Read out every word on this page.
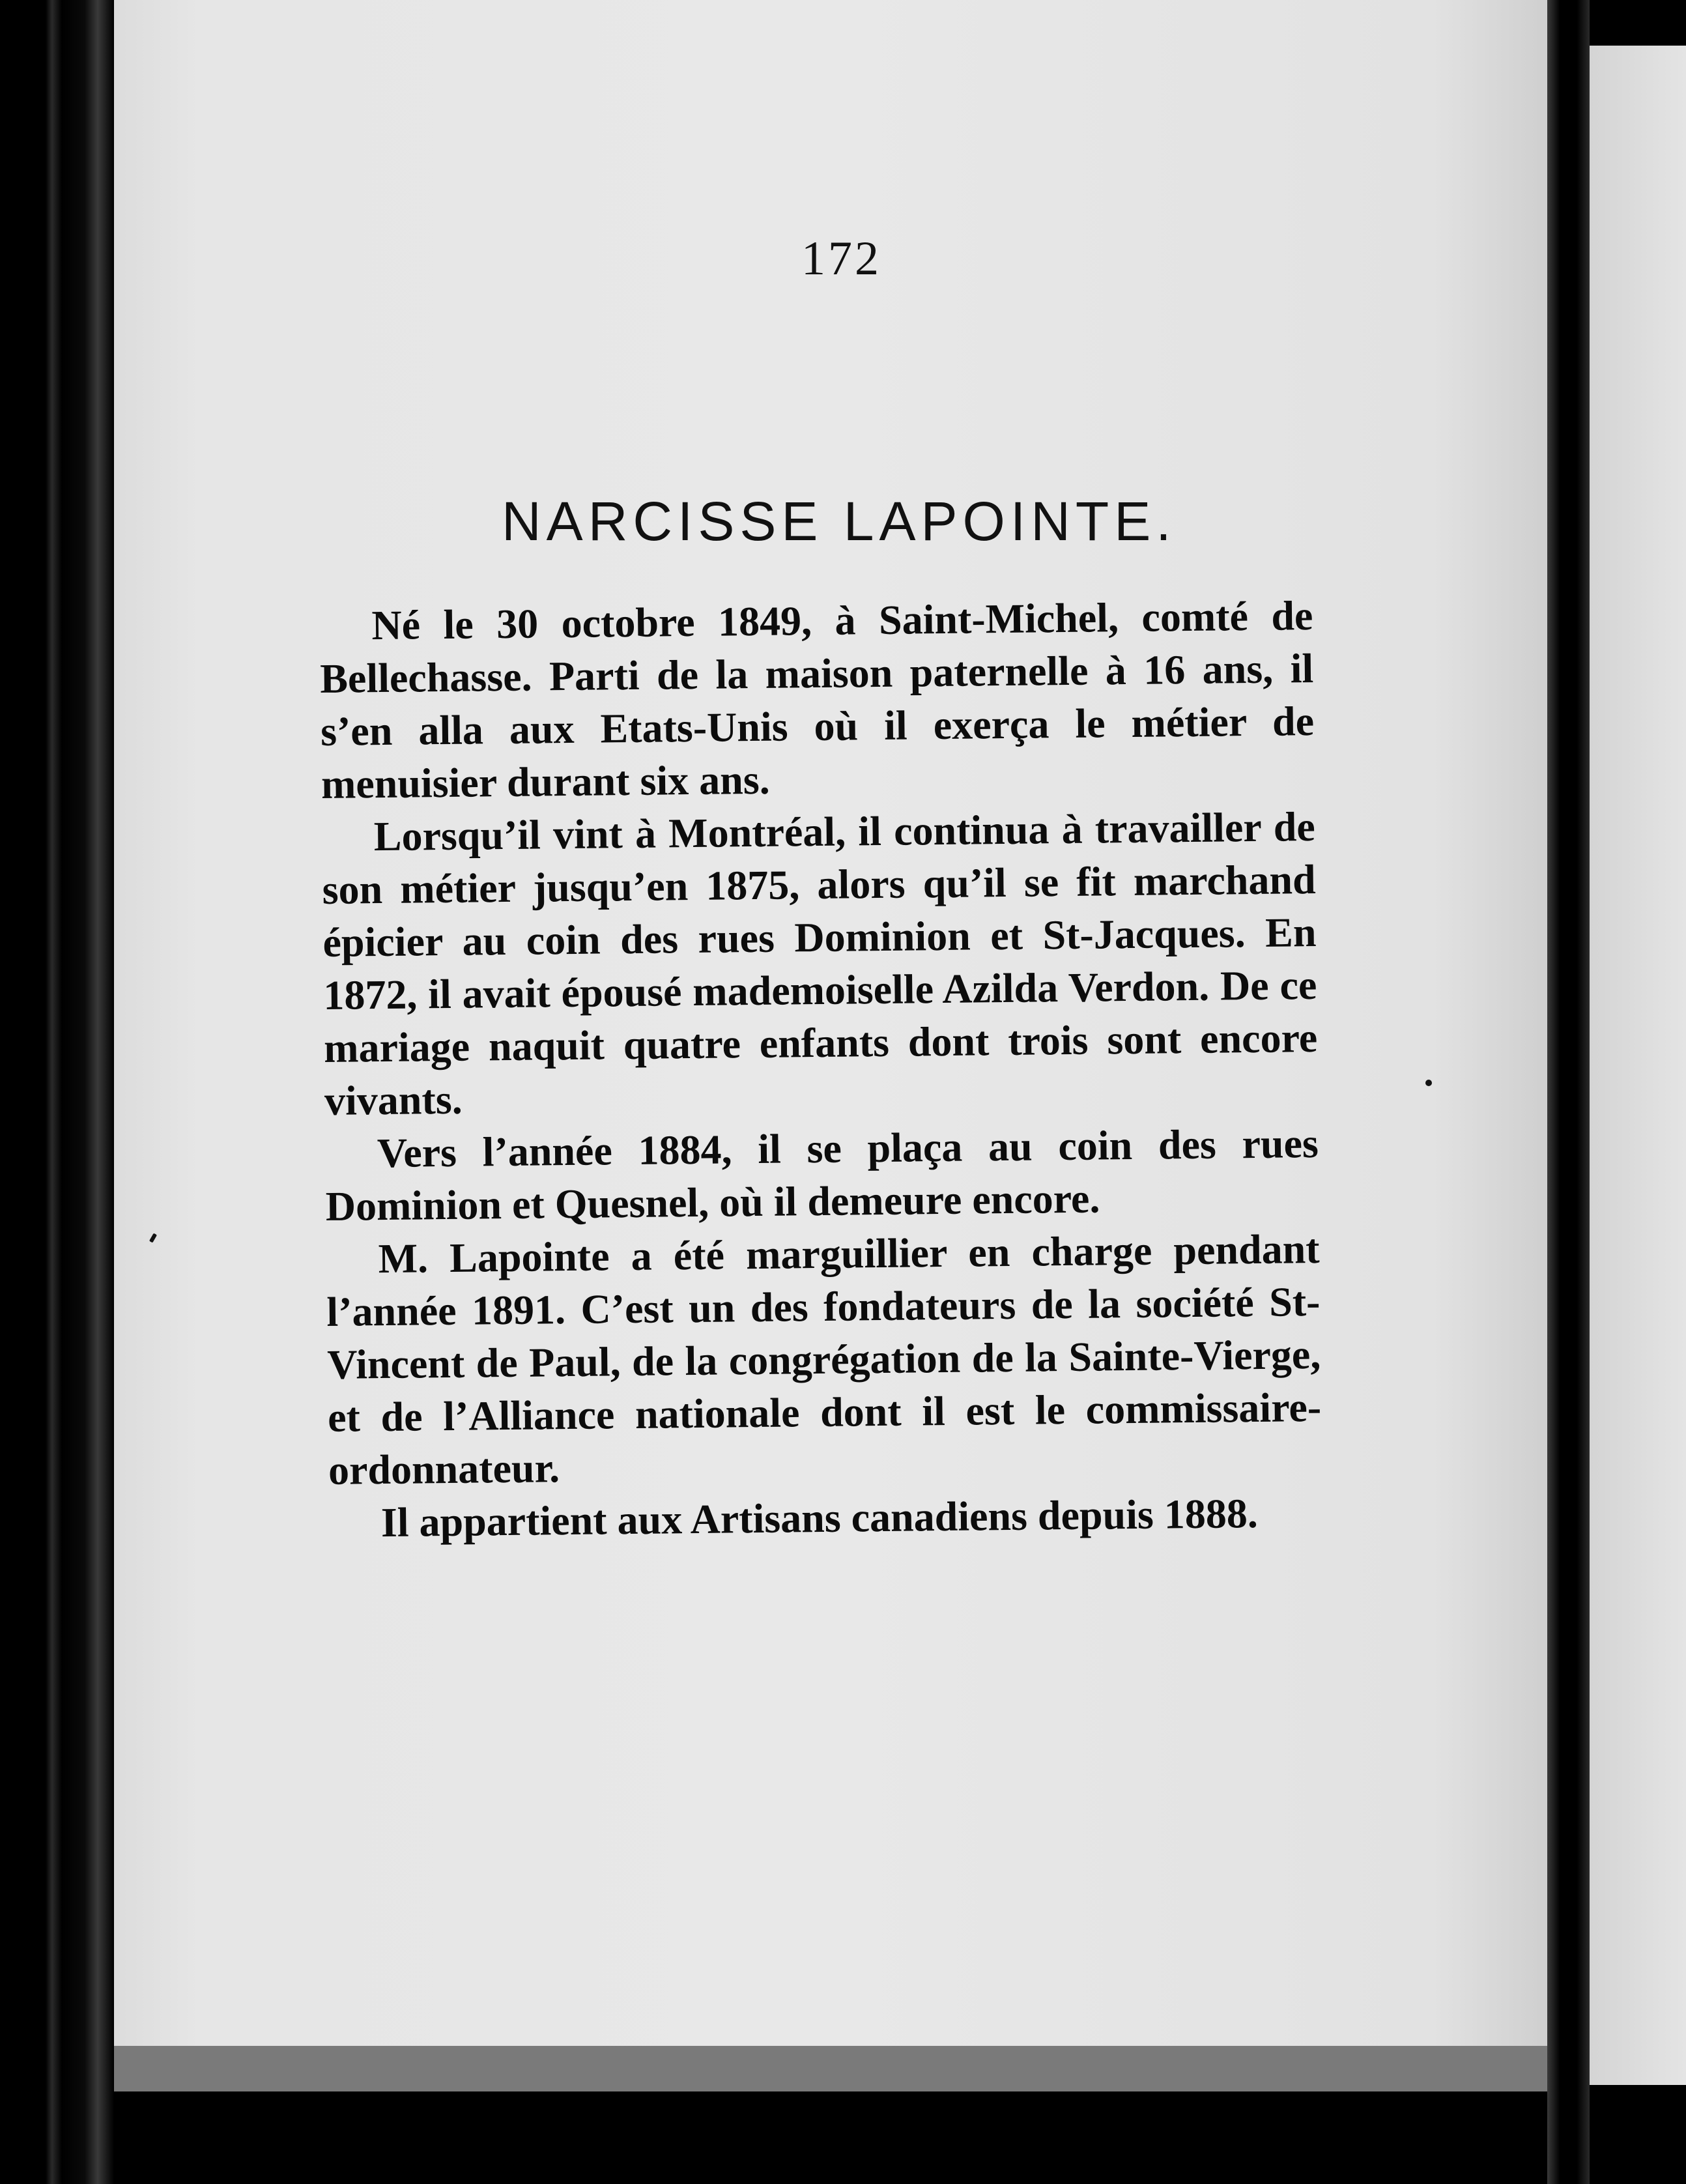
172
NARCISSE LAPOINTE.

Né le 30 octobre 1849, à Saint-Michel, comté de Bellechasse. Parti de la maison paternelle à 16 ans, il s’en alla aux Etats-Unis où il exerça le métier de menuisier durant six ans.

Lorsqu’il vint à Montréal, il continua à travailler de son métier jusqu’en 1875, alors qu’il se fit marchand épicier au coin des rues Dominion et St-Jacques. En 1872, il avait épousé mademoiselle Azilda Verdon. De ce mariage naquit quatre enfants dont trois sont encore vivants.

Vers l’année 1884, il se plaça au coin des rues Dominion et Quesnel, où il demeure encore.

M. Lapointe a été marguillier en charge pendant l’année 1891. C’est un des fondateurs de la société St-Vincent de Paul, de la congrégation de la Sainte-Vierge, et de l’Alliance nationale dont il est le commissaire-ordonnateur.

Il appartient aux Artisans canadiens depuis 1888.
